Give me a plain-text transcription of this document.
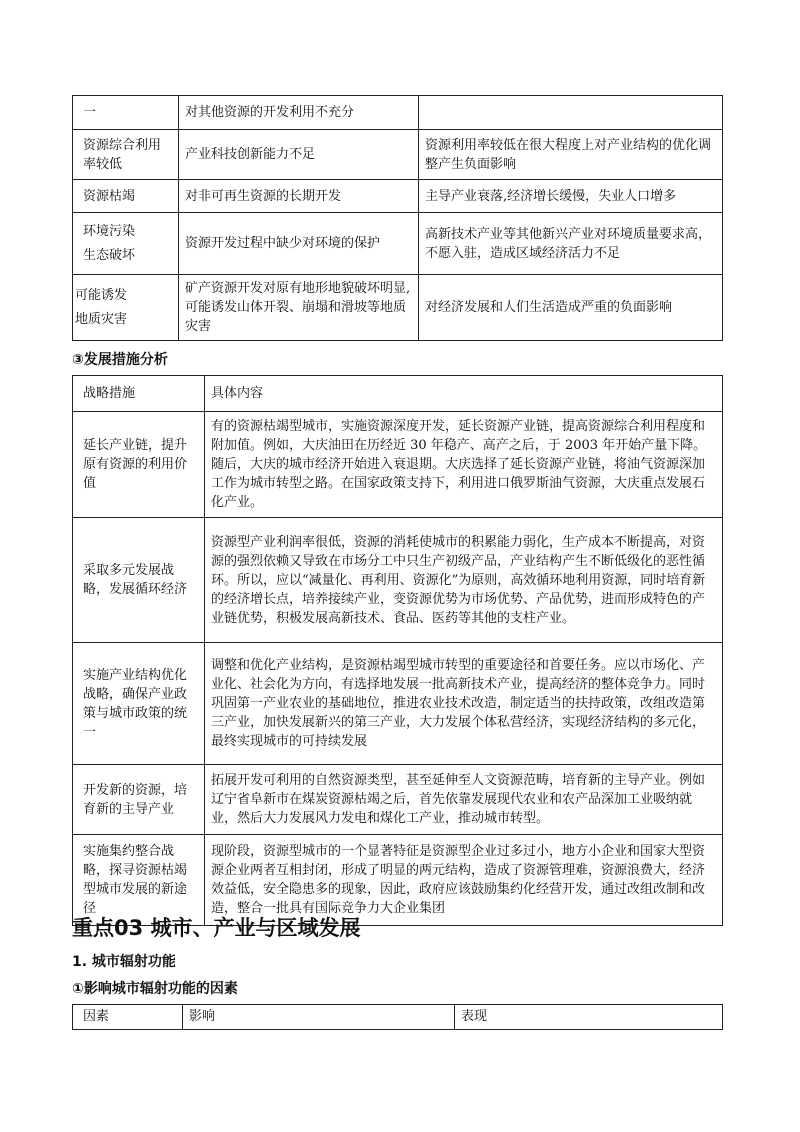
一	对其他资源的开发利用不充分	
资源综合利用率较低	产业科技创新能力不足	资源利用率较低在很大程度上对产业结构的优化调整产生负面影响
资源枯竭	对非可再生资源的长期开发	主导产业衰落,经济增长缓慢，失业人口增多
环境污染
生态破坏	资源开发过程中缺少对环境的保护	高新技术产业等其他新兴产业对环境质量要求高，不愿入驻，造成区域经济活力不足
可能诱发
地质灾害	矿产资源开发对原有地形地貌破坏明显,可能诱发山体开裂、崩塌和滑坡等地质灾害	对经济发展和人们生活造成严重的负面影响
③发展措施分析
战略措施	具体内容
延长产业链，提升原有资源的利用价值	有的资源枯竭型城市，实施资源深度开发，延长资源产业链，提高资源综合利用程度和附加值。例如，大庆油田在历经近 30 年稳产、高产之后，于 2003 年开始产量下降。随后，大庆的城市经济开始进入衰退期。大庆选择了延长资源产业链，将油气资源深加工作为城市转型之路。在国家政策支持下，利用进口俄罗斯油气资源，大庆重点发展石化产业。
采取多元发展战略，发展循环经济	资源型产业利润率很低，资源的消耗使城市的积累能力弱化，生产成本不断提高，对资源的强烈依赖又导致在市场分工中只生产初级产品，产业结构产生不断低级化的恶性循环。所以，应以“减量化、再利用、资源化”为原则，高效循环地利用资源，同时培育新的经济增长点，培养接续产业，变资源优势为市场优势、产品优势，进而形成特色的产业链优势，积极发展高新技术、食品、医药等其他的支柱产业。
实施产业结构优化战略，确保产业政策与城市政策的统一	调整和优化产业结构，是资源枯竭型城市转型的重要途径和首要任务。应以市场化、产业化、社会化为方向，有选择地发展一批高新技术产业，提高经济的整体竞争力。同时巩固第一产业农业的基础地位，推进农业技术改造，制定适当的扶持政策，改组改造第三产业，加快发展新兴的第三产业，大力发展个体私营经济，实现经济结构的多元化，最终实现城市的可持续发展
开发新的资源，培育新的主导产业	拓展开发可利用的自然资源类型，甚至延伸至人文资源范畴，培育新的主导产业。例如辽宁省阜新市在煤炭资源枯竭之后，首先依靠发展现代农业和农产品深加工业吸纳就业，然后大力发展风力发电和煤化工产业，推动城市转型。
实施集约整合战略，探寻资源枯竭型城市发展的新途径	现阶段，资源型城市的一个显著特征是资源型企业过多过小，地方小企业和国家大型资源企业两者互相封闭，形成了明显的两元结构，造成了资源管理难，资源浪费大，经济效益低，安全隐患多的现象，因此，政府应该鼓励集约化经营开发，通过改组改制和改造，整合一批具有国际竞争力大企业集团
重点03 城市、产业与区域发展
1. 城市辐射功能
①影响城市辐射功能的因素
因素	影响	表现
